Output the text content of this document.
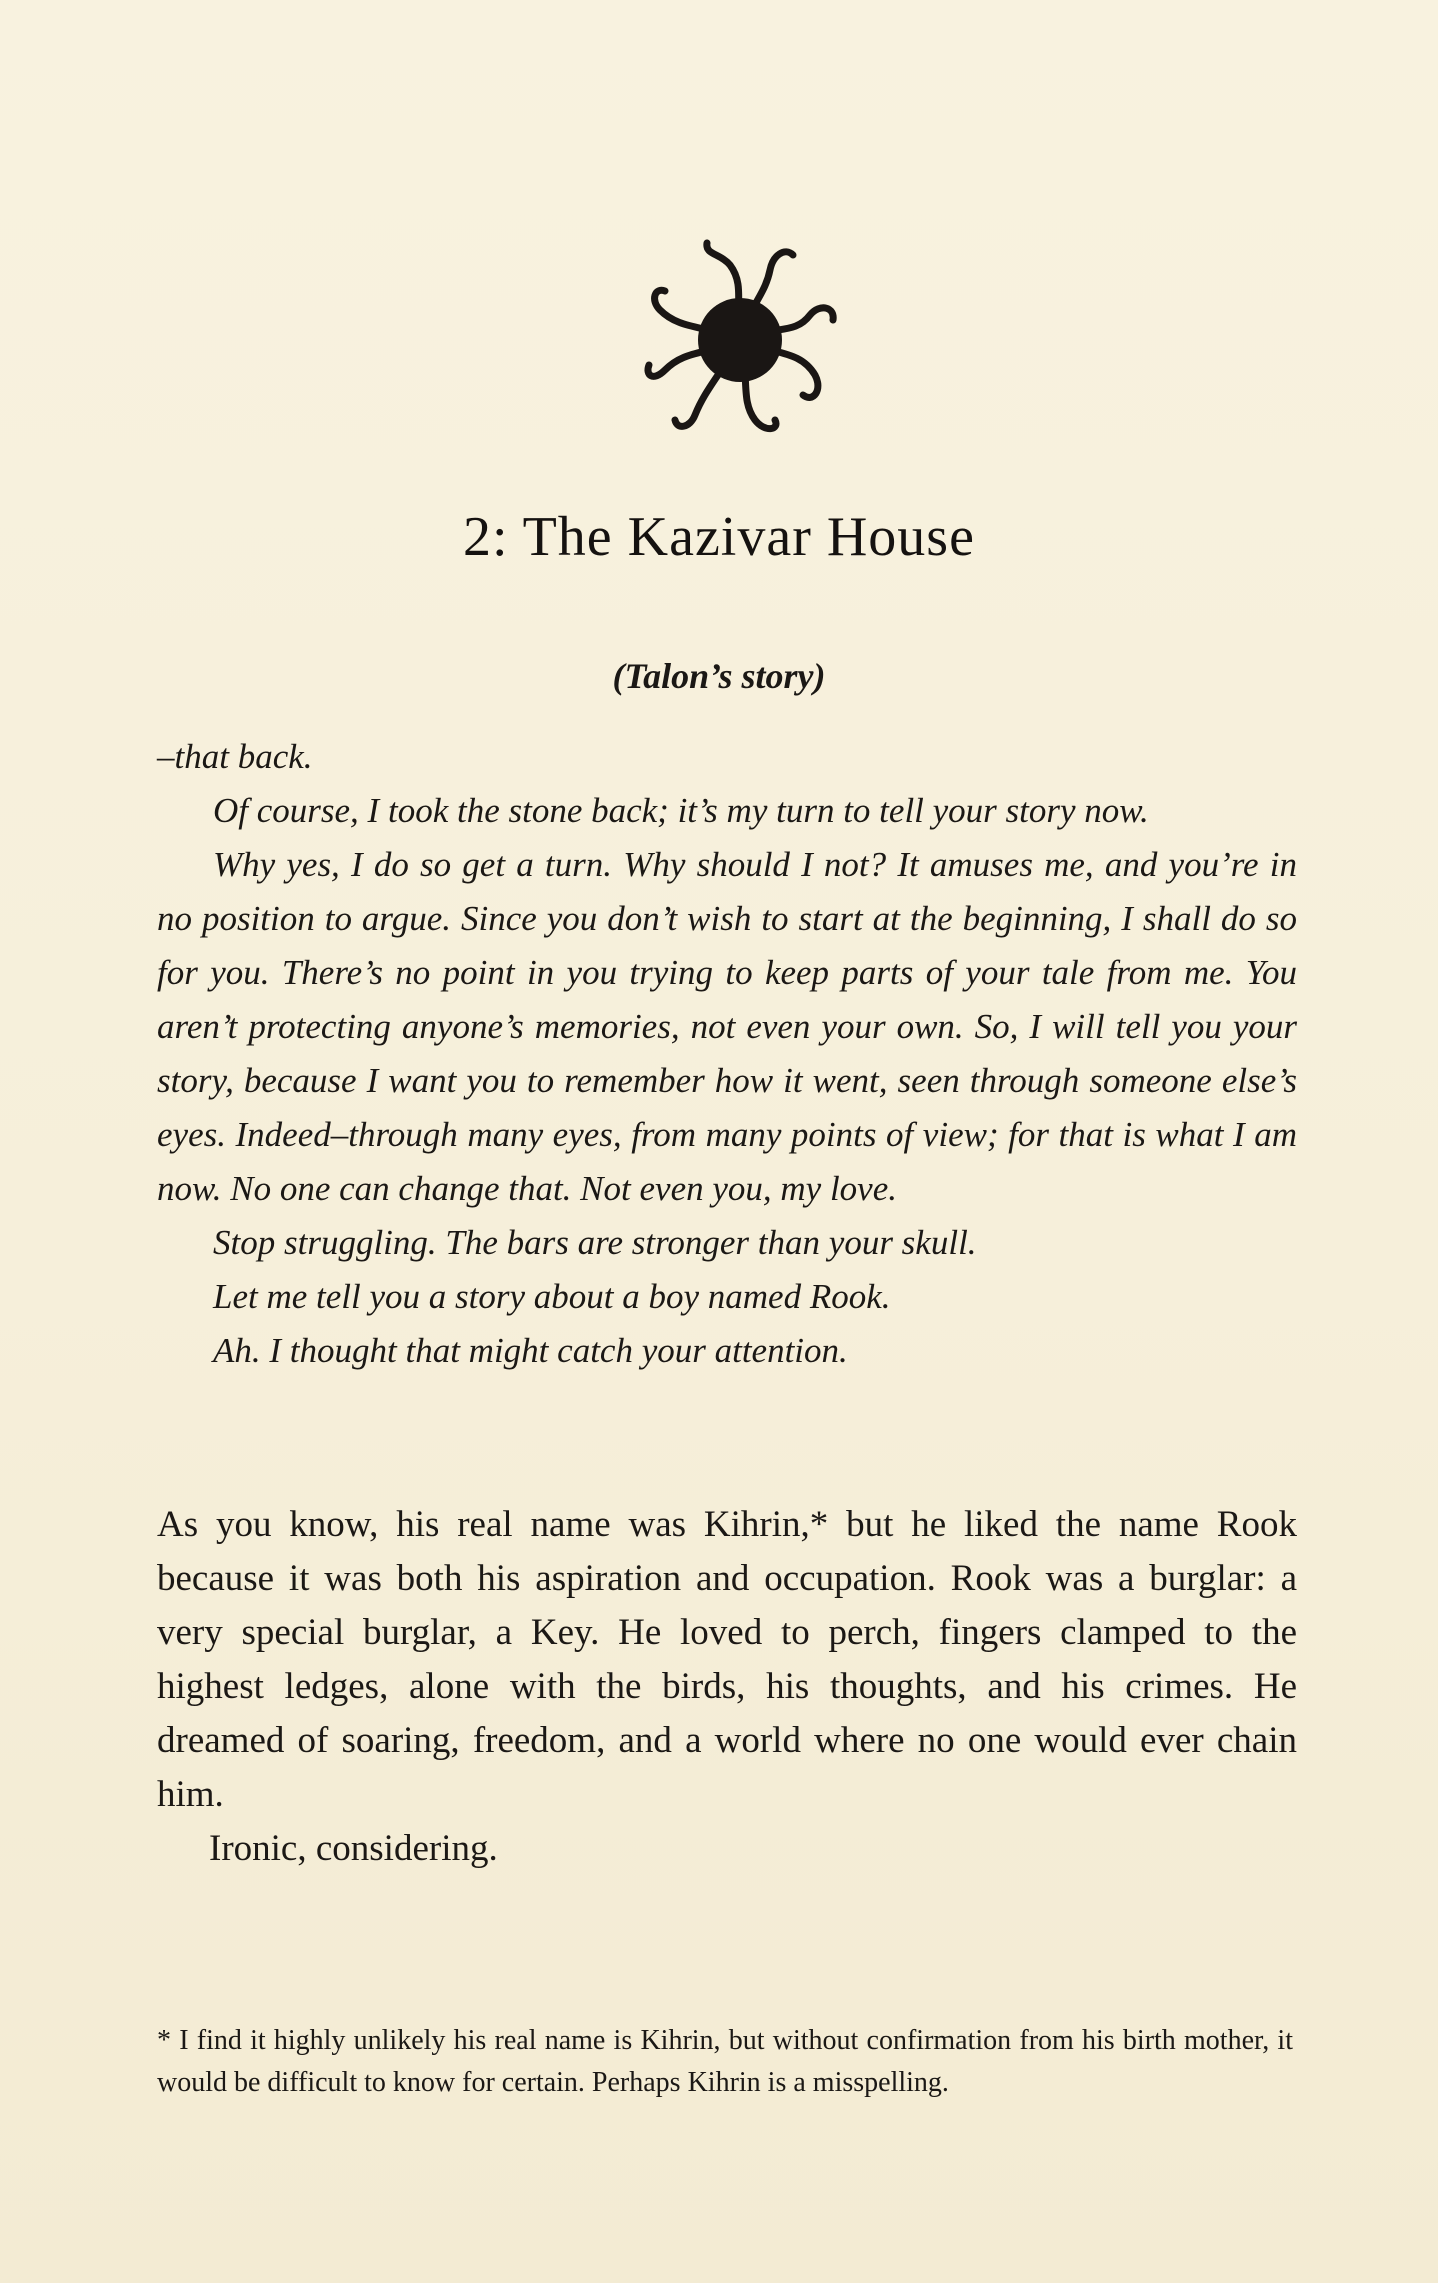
2: The Kazivar House
(Talon’s story)

–that back.

Of course, I took the stone back; it’s my turn to tell your story now.

Why yes, I do so get a turn. Why should I not? It amuses me, and you’re in no position to argue. Since you don’t wish to start at the beginning, I shall do so for you. There’s no point in you trying to keep parts of your tale from me. You aren’t protecting anyone’s memories, not even your own. So, I will tell you your story, because I want you to remember how it went, seen through someone else’s eyes. Indeed–through many eyes, from many points of view; for that is what I am now. No one can change that. Not even you, my love.

Stop struggling. The bars are stronger than your skull.

Let me tell you a story about a boy named Rook.

Ah. I thought that might catch your attention.

As you know, his real name was Kihrin,* but he liked the name Rook because it was both his aspiration and occupation. Rook was a burglar: a very special burglar, a Key. He loved to perch, fingers clamped to the highest ledges, alone with the birds, his thoughts, and his crimes. He dreamed of soaring, freedom, and a world where no one would ever chain him.

Ironic, considering.

* I find it highly unlikely his real name is Kihrin, but without confirmation from his birth mother, it would be difficult to know for certain. Perhaps Kihrin is a misspelling.
